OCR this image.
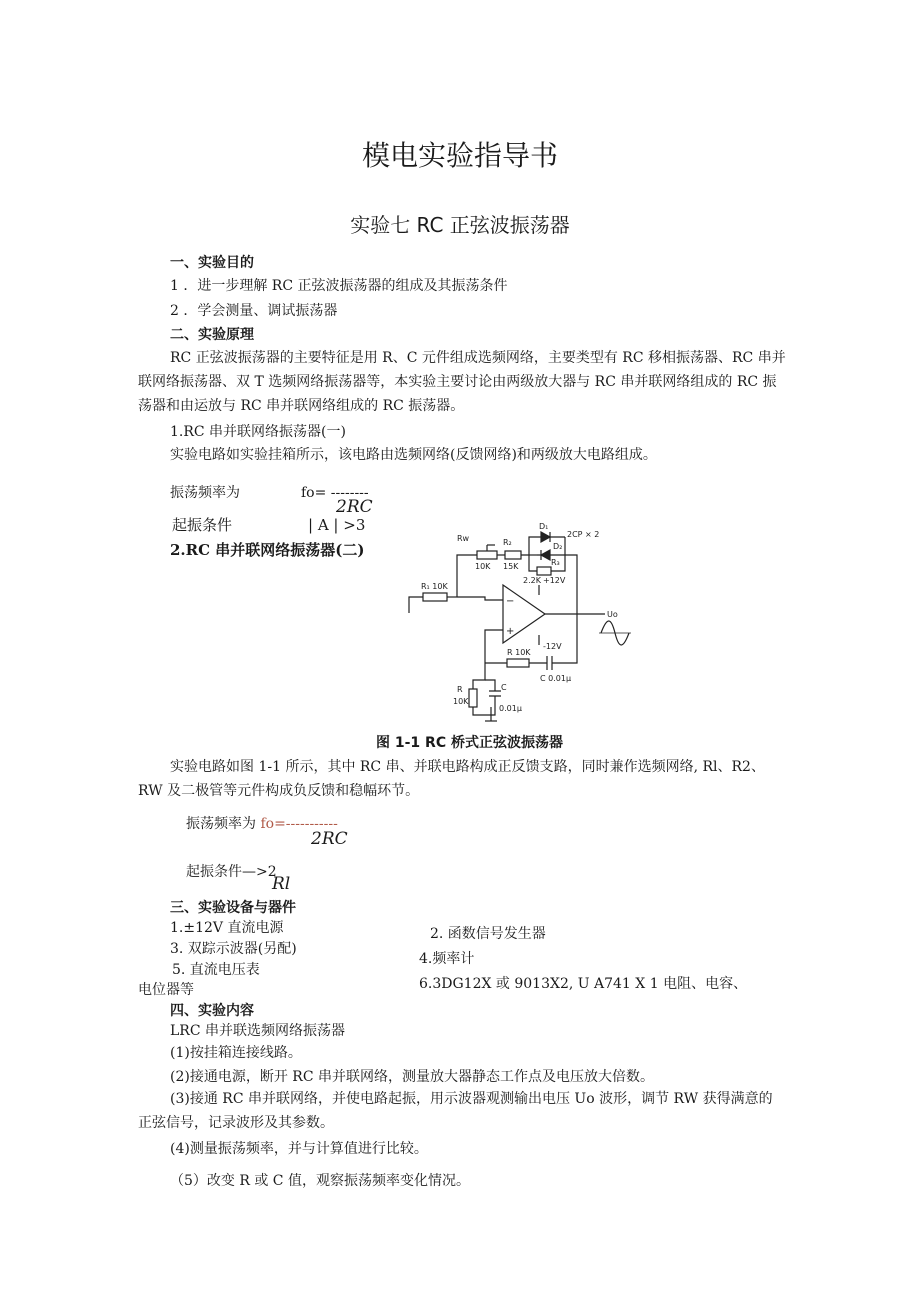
模电实验指导书
实验七 RC 正弦波振荡器
一、实验目的
1 ．进一步理解 RC 正弦波振荡器的组成及其振荡条件
2 ．学会测量、调试振荡器
二、实验原理
RC 正弦波振荡器的主要特征是用 R、C 元件组成选频网络，主要类型有 RC 移相振荡器、RC 串并联网络振荡器、双 T 选频网络振荡器等，本实验主要讨论由两级放大器与 RC 串并联网络组成的 RC 振荡器和由运放与 RC 串并联网络组成的 RC 振荡器。
1.RC 串并联网络振荡器(一)
实验电路如实验挂箱所示，该电路由选频网络(反馈网络)和两级放大电路组成。
振荡频率为	fo= --------
2RC
起振条件	| A | >3
2.RC 串并联网络振荡器(二)
Rw	R₂
D₁
D₂
R₃
2CP × 2
10K 15K
2.2K
R₁ 10K
+12V
-12V
Uo
−
+
R 10K
C 0.01μ
R
10K
C
0.01μ
图 1-1 RC 桥式正弦波振荡器
实验电路如图 1-1 所示，其中 RC 串、并联电路构成正反馈支路，同时兼作选频网络, Rl、R2、RW 及二极管等元件构成负反馈和稳幅环节。
振荡频率为 fo=-----------
2RC
起振条件—>2
Rl
三、实验设备与器件
1.±12V 直流电源	2. 函数信号发生器
3. 双踪示波器(另配)
4.频率计
5. 直流电压表
6.3DG12X 或 9013X2, U A741 X 1 电阻、电容、
电位器等
四、实验内容
LRC 串并联选频网络振荡器
(1)按挂箱连接线路。
(2)接通电源，断开 RC 串并联网络，测量放大器静态工作点及电压放大倍数。
(3)接通 RC 串并联网络，并使电路起振，用示波器观测输出电压 Uo 波形，调节 RW 获得满意的正弦信号，记录波形及其参数。
(4)测量振荡频率，并与计算值进行比较。
（5）改变 R 或 C 值，观察振荡频率变化情况。
